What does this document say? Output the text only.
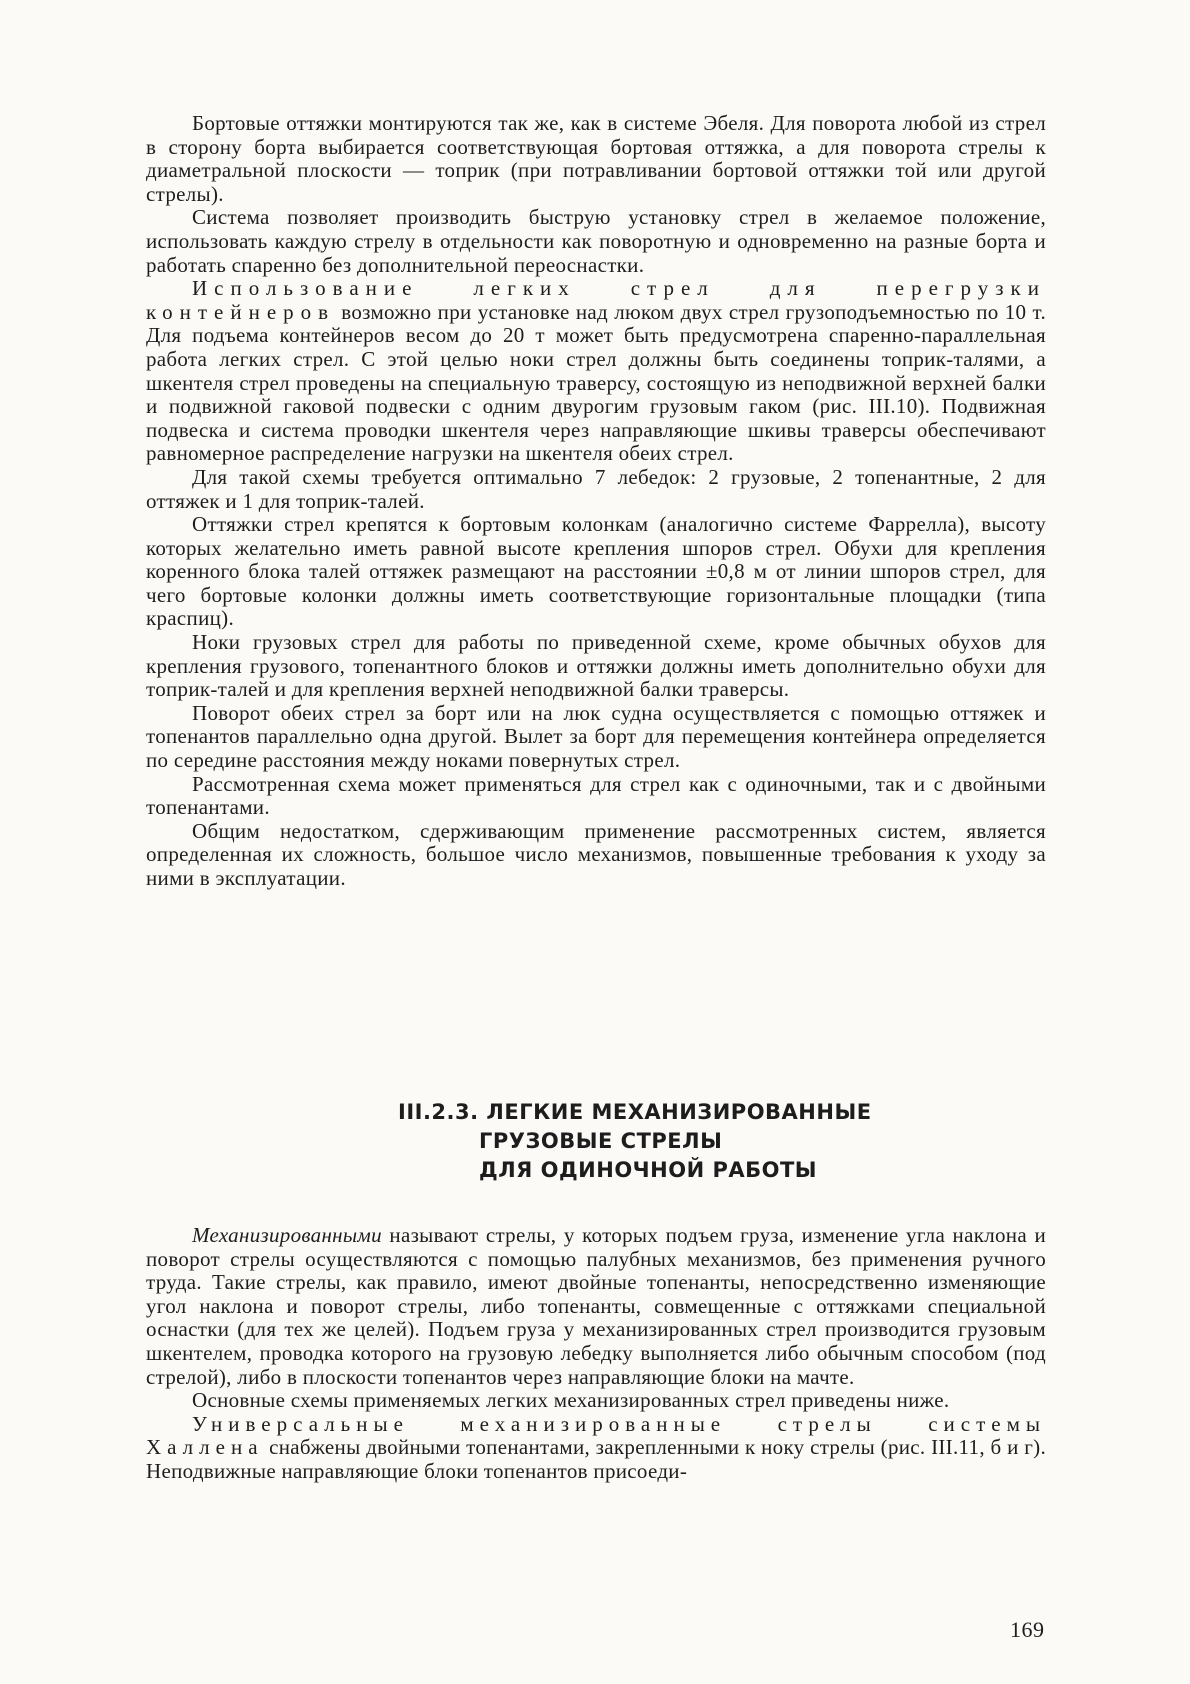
Бортовые оттяжки монтируются так же, как в системе Эбеля. Для поворота любой из стрел в сторону борта выбирается соответствующая бортовая оттяжка, а для поворота стрелы к диаметральной плоскости — топрик (при потравливании бортовой оттяжки той или другой стрелы).

Система позволяет производить быструю установку стрел в желаемое положение, использовать каждую стрелу в отдельности как поворотную и одновременно на разные борта и работать спаренно без дополнительной переоснастки.

Использование легких стрел для перегрузки контейнеров возможно при установке над люком двух стрел грузоподъемностью по 10 т. Для подъема контейнеров весом до 20 т может быть предусмотрена спаренно-параллельная работа легких стрел. С этой целью ноки стрел должны быть соединены топрик-талями, а шкентеля стрел проведены на специальную траверсу, состоящую из неподвижной верхней балки и подвижной гаковой подвески с одним двурогим грузовым гаком (рис. III.10). Подвижная подвеска и система проводки шкентеля через направляющие шкивы траверсы обеспечивают равномерное распределение нагрузки на шкентеля обеих стрел.

Для такой схемы требуется оптимально 7 лебедок: 2 грузовые, 2 топенантные, 2 для оттяжек и 1 для топрик-талей.

Оттяжки стрел крепятся к бортовым колонкам (аналогично системе Фаррелла), высоту которых желательно иметь равной высоте крепления шпоров стрел. Обухи для крепления коренного блока талей оттяжек размещают на расстоянии ±0,8 м от линии шпоров стрел, для чего бортовые колонки должны иметь соответствующие горизонтальные площадки (типа краспиц).

Ноки грузовых стрел для работы по приведенной схеме, кроме обычных обухов для крепления грузового, топенантного блоков и оттяжки должны иметь дополнительно обухи для топрик-талей и для крепления верхней неподвижной балки траверсы.

Поворот обеих стрел за борт или на люк судна осуществляется с помощью оттяжек и топенантов параллельно одна другой. Вылет за борт для перемещения контейнера определяется по середине расстояния между ноками повернутых стрел.

Рассмотренная схема может применяться для стрел как с одиночными, так и с двойными топенантами.

Общим недостатком, сдерживающим применение рассмотренных систем, является определенная их сложность, большое число механизмов, повышенные требования к уходу за ними в эксплуатации.

III.2.3. ЛЕГКИЕ МЕХАНИЗИРОВАННЫЕ
ГРУЗОВЫЕ СТРЕЛЫ
ДЛЯ ОДИНОЧНОЙ РАБОТЫ

Механизированными называют стрелы, у которых подъем груза, изменение угла наклона и поворот стрелы осуществляются с помощью палубных механизмов, без применения ручного труда. Такие стрелы, как правило, имеют двойные топенанты, непосредственно изменяющие угол наклона и поворот стрелы, либо топенанты, совмещенные с оттяжками специальной оснастки (для тех же целей). Подъем груза у механизированных стрел производится грузовым шкентелем, проводка которого на грузовую лебедку выполняется либо обычным способом (под стрелой), либо в плоскости топенантов через направляющие блоки на мачте.

Основные схемы применяемых легких механизированных стрел приведены ниже.

Универсальные механизированные стрелы системы Халлена снабжены двойными топенантами, закрепленными к ноку стрелы (рис. III.11, б и г). Неподвижные направляющие блоки топенантов присоеди-

169
